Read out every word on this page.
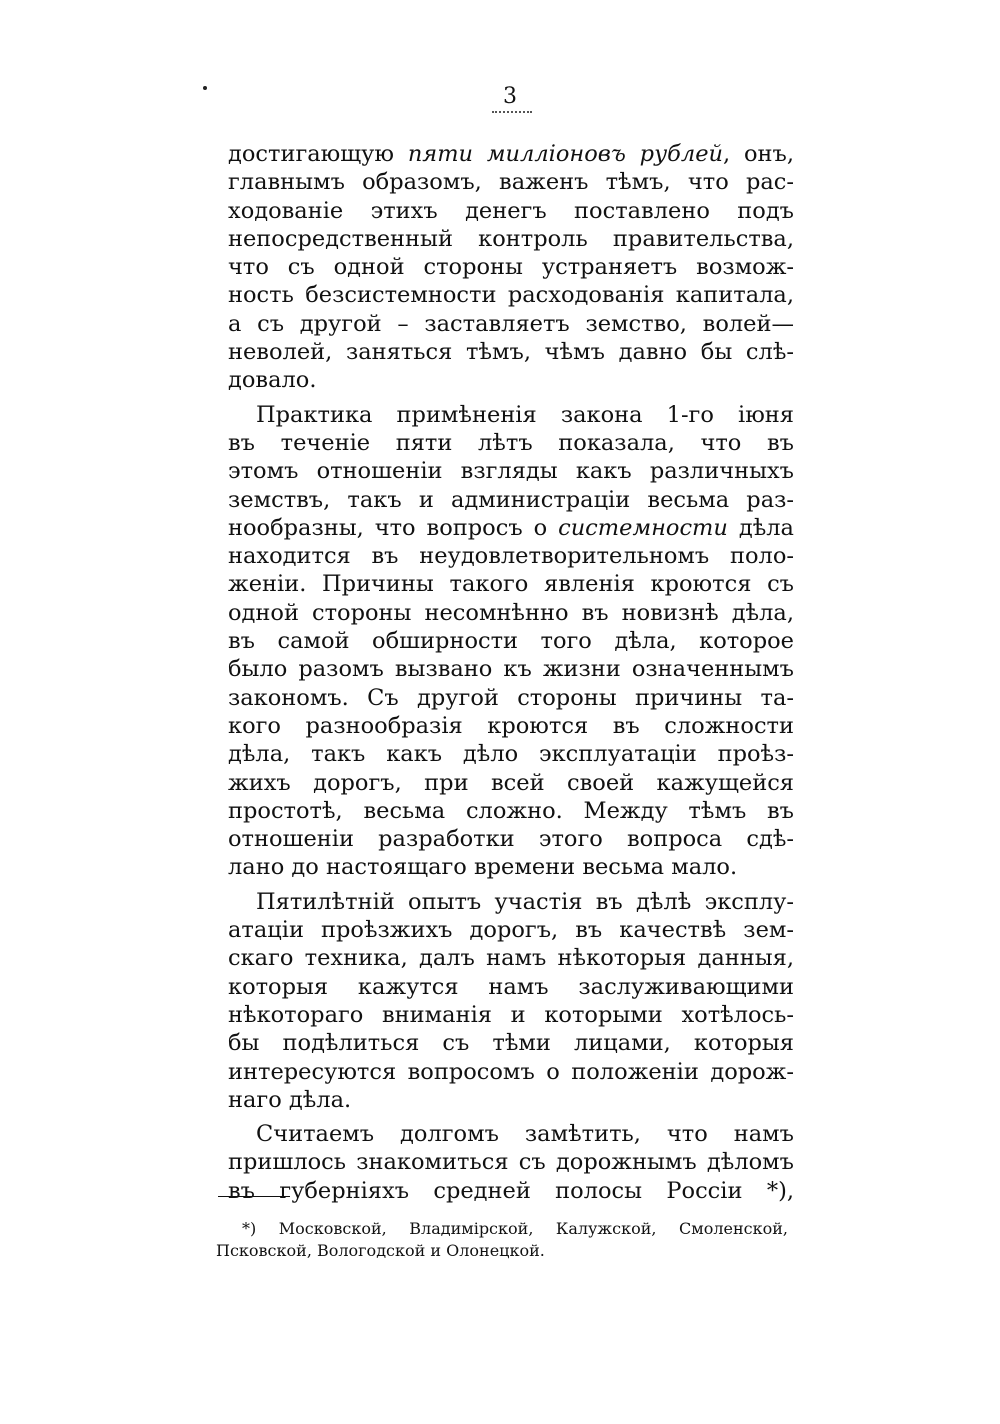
3
достигающую пяти милліоновъ рублей, онъ,
главнымъ образомъ, важенъ тѣмъ, что рас-
ходованіе этихъ денегъ поставлено подъ
непосредственный контроль правительства,
что съ одной стороны устраняетъ возмож-
ность безсистемности расходованія капитала,
а съ другой – заставляетъ земство, волей—
неволей, заняться тѣмъ, чѣмъ давно бы слѣ-
довало.
Практика примѣненія закона 1-го іюня
въ теченіе пяти лѣтъ показала, что въ
этомъ отношеніи взгляды какъ различныхъ
земствъ, такъ и администраціи весьма раз-
нообразны, что вопросъ о системности дѣла
находится въ неудовлетворительномъ поло-
женіи. Причины такого явленія кроются съ
одной стороны несомнѣнно въ новизнѣ дѣла,
въ самой обширности того дѣла, которое
было разомъ вызвано къ жизни означеннымъ
закономъ. Съ другой стороны причины та-
кого разнообразія кроются въ сложности
дѣла, такъ какъ дѣло эксплуатаціи проѣз-
жихъ дорогъ, при всей своей кажущейся
простотѣ, весьма сложно. Между тѣмъ въ
отношеніи разработки этого вопроса сдѣ-
лано до настоящаго времени весьма мало.
Пятилѣтній опытъ участія въ дѣлѣ эксплу-
атаціи проѣзжихъ дорогъ, въ качествѣ зем-
скаго техника, далъ намъ нѣкоторыя данныя,
которыя кажутся намъ заслуживающими
нѣкотораго вниманія и которыми хотѣлось-
бы подѣлиться съ тѣми лицами, которыя
интересуются вопросомъ о положеніи дорож-
наго дѣла.
Считаемъ долгомъ замѣтить, что намъ
пришлось знакомиться съ дорожнымъ дѣломъ
въ губерніяхъ средней полосы Россіи *),
*) Московской, Владимірской, Калужской, Смоленской,
Псковской, Вологодской и Олонецкой.
